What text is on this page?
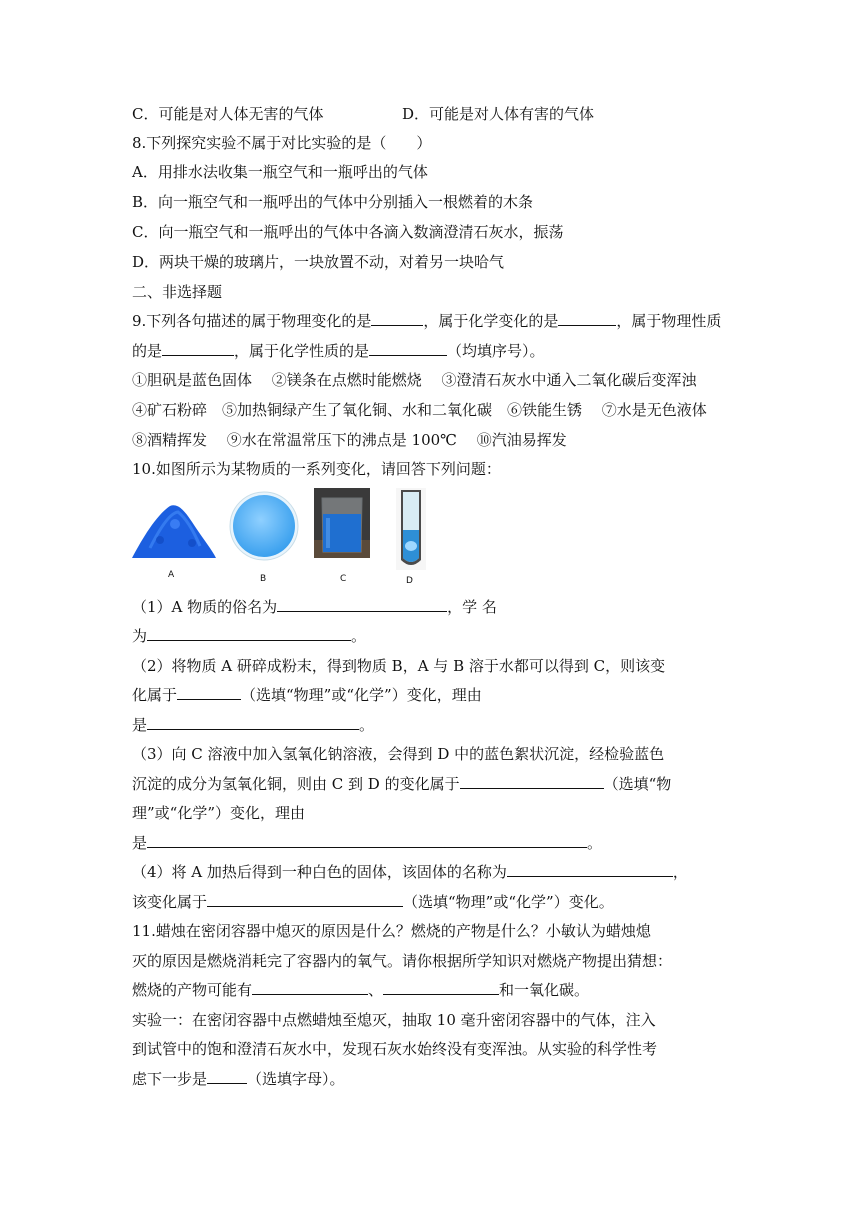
C．可能是对人体无害的气体	D．可能是对人体有害的气体
8.下列探究实验不属于对比实验的是（　　）
A．用排水法收集一瓶空气和一瓶呼出的气体
B．向一瓶空气和一瓶呼出的气体中分别插入一根燃着的木条
C．向一瓶空气和一瓶呼出的气体中各滴入数滴澄清石灰水，振荡
D．两块干燥的玻璃片，一块放置不动，对着另一块哈气
二、非选择题
9.下列各句描述的属于物理变化的是	，属于化学变化的是	，属于物理性质
的是	，属于化学性质的是	（均填序号）。
①胆矾是蓝色固体　 ②镁条在点燃时能燃烧　 ③澄清石灰水中通入二氧化碳后变浑浊
④矿石粉碎　⑤加热铜绿产生了氧化铜、水和二氧化碳　⑥铁能生锈　 ⑦水是无色液体
⑧酒精挥发　 ⑨水在常温常压下的沸点是 100℃　 ⑩汽油易挥发
10.如图所示为某物质的一系列变化，请回答下列问题：
A	B	C	D
（1）A 物质的俗名为	，学 名
为	。
（2）将物质 A 研碎成粉末，得到物质 B，A 与 B 溶于水都可以得到 C，则该变
化属于	（选填“物理”或“化学”）变化，理由
是	。
（3）向 C 溶液中加入氢氧化钠溶液，会得到 D 中的蓝色絮状沉淀，经检验蓝色
沉淀的成分为氢氧化铜，则由 C 到 D 的变化属于	（选填“物
理”或“化学”）变化，理由
是	。
（4）将 A 加热后得到一种白色的固体，该固体的名称为	，
该变化属于	（选填“物理”或“化学”）变化。
11.蜡烛在密闭容器中熄灭的原因是什么？燃烧的产物是什么？小敏认为蜡烛熄
灭的原因是燃烧消耗完了容器内的氧气。请你根据所学知识对燃烧产物提出猜想：
燃烧的产物可能有	、	和一氧化碳。
实验一：在密闭容器中点燃蜡烛至熄灭，抽取 10 毫升密闭容器中的气体，注入
到试管中的饱和澄清石灰水中，发现石灰水始终没有变浑浊。从实验的科学性考
虑下一步是	（选填字母）。
